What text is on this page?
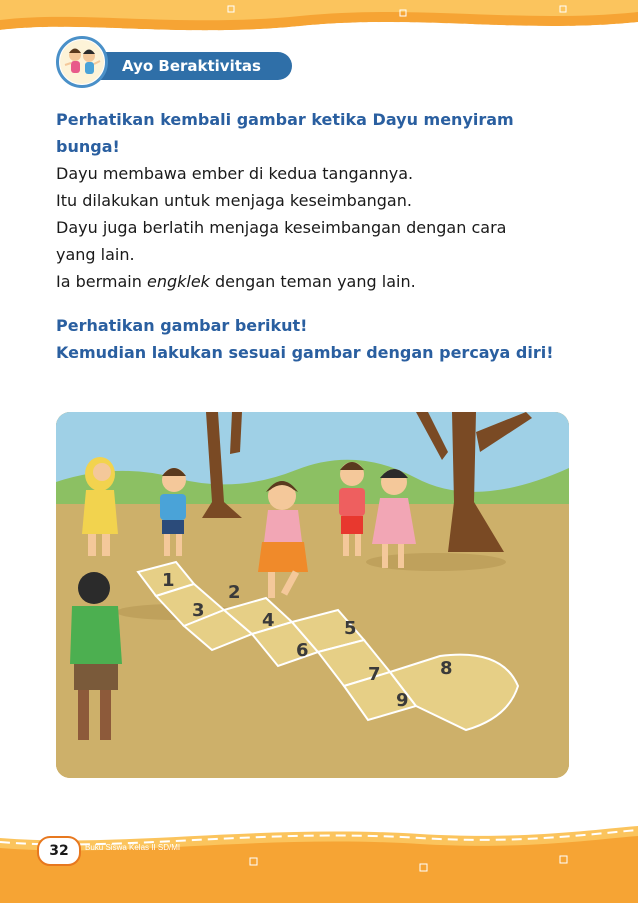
Ayo Beraktivitas
Perhatikan kembali gambar ketika Dayu menyiram
bunga!
Dayu membawa ember di kedua tangannya.
Itu dilakukan untuk menjaga keseimbangan.
Dayu juga berlatih menjaga keseimbangan dengan cara
yang lain.
Ia bermain engklek dengan teman yang lain.
Perhatikan gambar berikut!
Kemudian lakukan sesuai gambar dengan percaya diri!
1
2
3	4	5
6
7	8
9
32	Buku Siswa Kelas II SD/MI
